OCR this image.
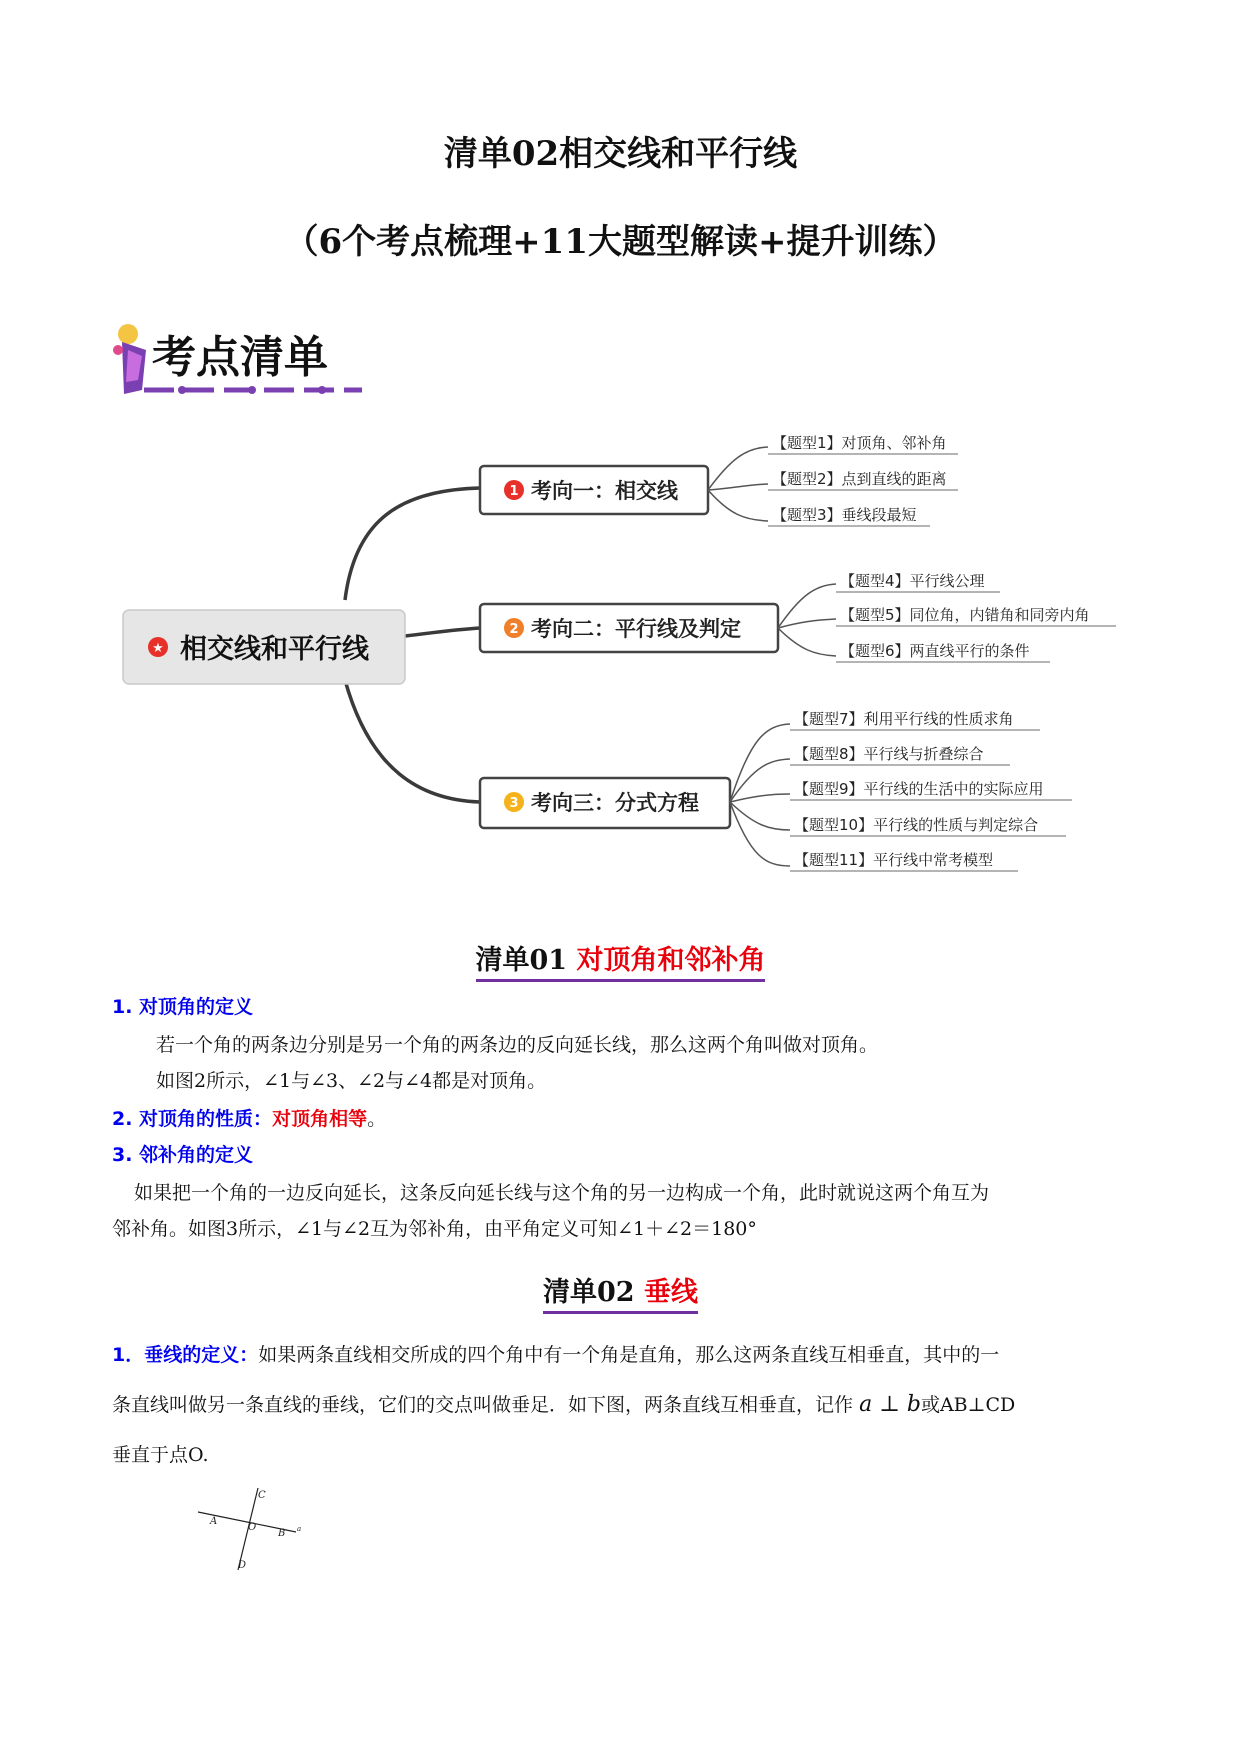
清单02相交线和平行线
（6个考点梳理+11大题型解读+提升训练）
考点清单
★ 相交线和平行线
1 考向一：相交线
【题型1】对顶角、邻补角
【题型2】点到直线的距离
【题型3】垂线段最短
2 考向二：平行线及判定
【题型4】平行线公理
【题型5】同位角，内错角和同旁内角
【题型6】两直线平行的条件
3 考向三：分式方程
【题型7】利用平行线的性质求角
【题型8】平行线与折叠综合
【题型9】平行线的生活中的实际应用
【题型10】平行线的性质与判定综合
【题型11】平行线中常考模型
清单01 对顶角和邻补角
1. 对顶角的定义
若一个角的两条边分别是另一个角的两条边的反向延长线，那么这两个角叫做对顶角。
如图2所示，∠1与∠3、∠2与∠4都是对顶角。
2. 对顶角的性质：对顶角相等。
3. 邻补角的定义
如果把一个角的一边反向延长，这条反向延长线与这个角的另一边构成一个角，此时就说这两个角互为
邻补角。如图3所示，∠1与∠2互为邻补角，由平角定义可知∠1＋∠2＝180°
清单02 垂线
1．垂线的定义：如果两条直线相交所成的四个角中有一个角是直角，那么这两条直线互相垂直，其中的一
条直线叫做另一条直线的垂线，它们的交点叫做垂足．如下图，两条直线互相垂直，记作 a ⊥ b或AB⊥CD
垂直于点O.
C
A
O
B
D
a
